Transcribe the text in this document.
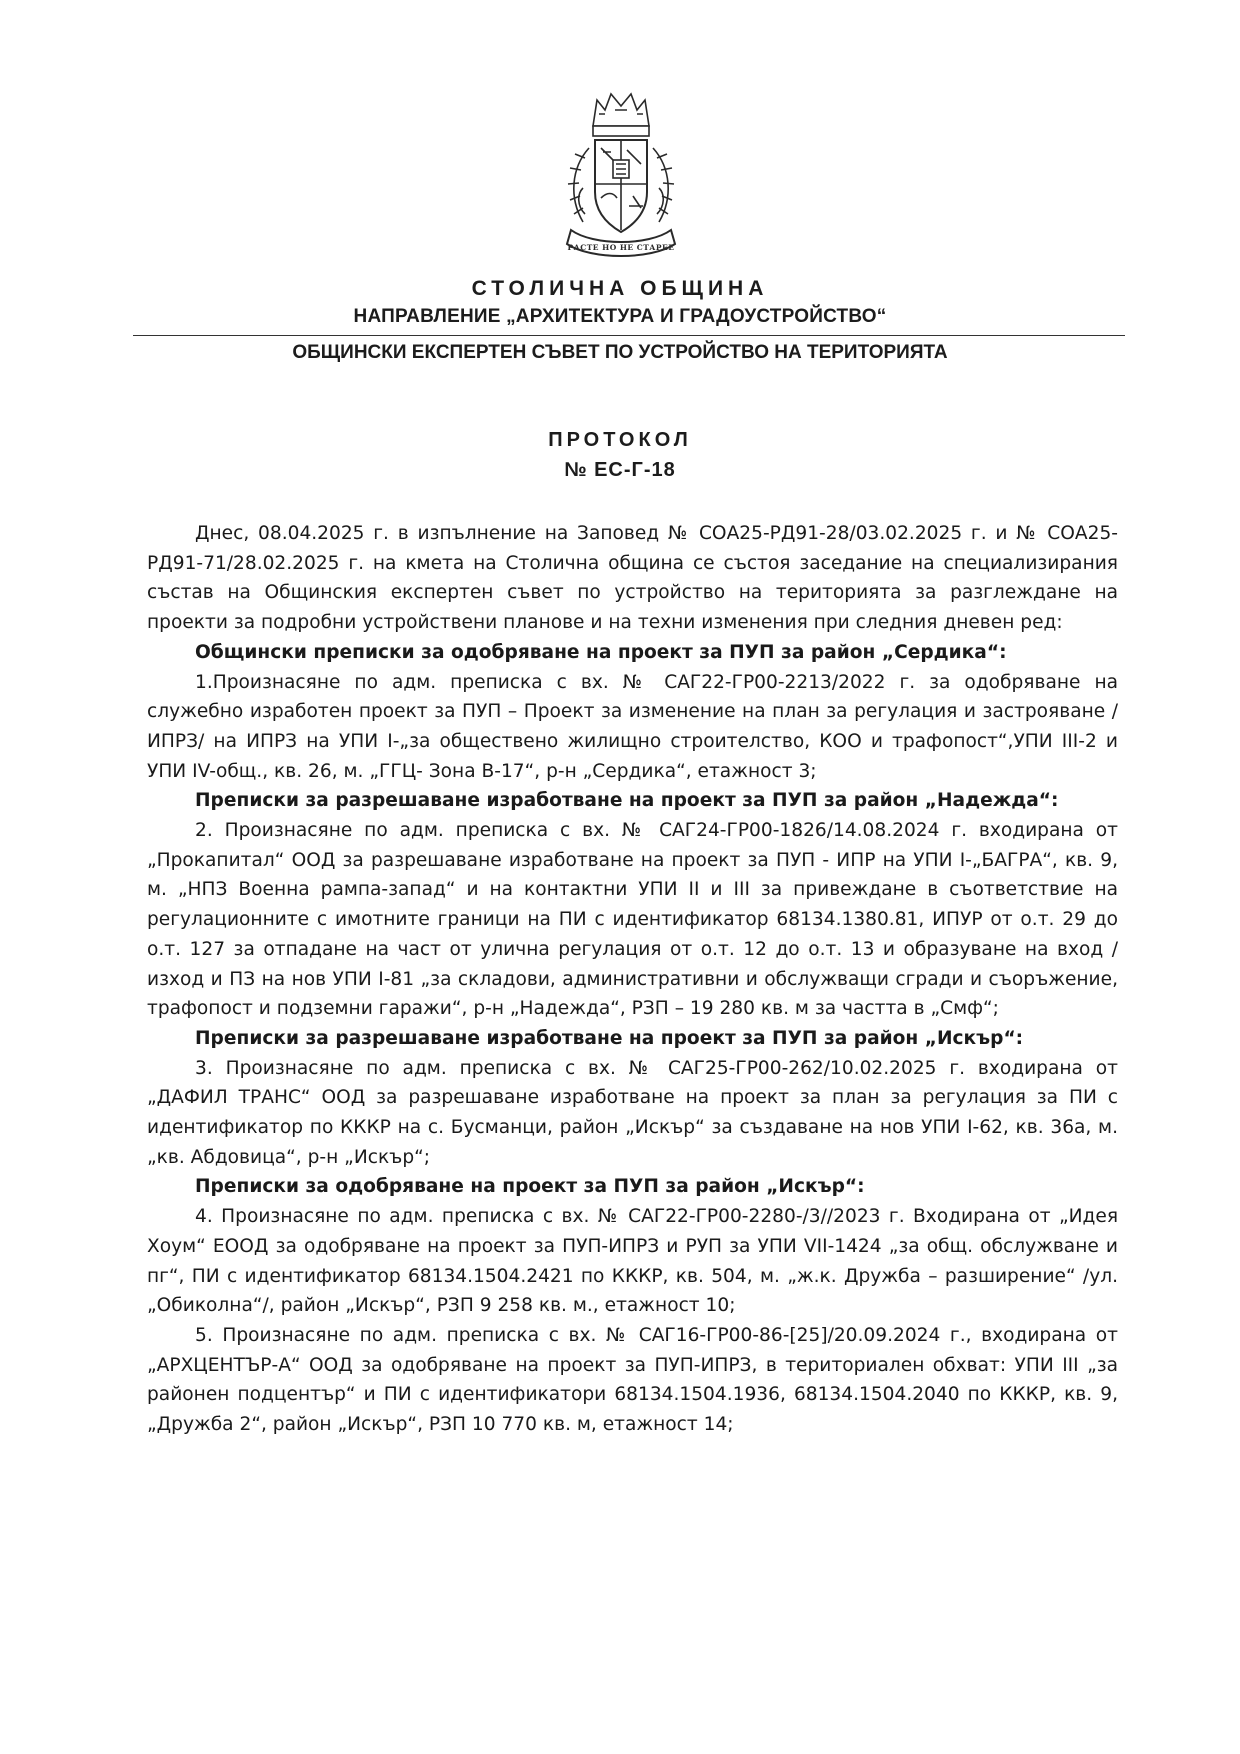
РАСТЕ НО НЕ СТАРЕЕ
СТОЛИЧНА ОБЩИНА
НАПРАВЛЕНИЕ „АРХИТЕКТУРА И ГРАДОУСТРОЙСТВО“
ОБЩИНСКИ ЕКСПЕРТЕН СЪВЕТ ПО УСТРОЙСТВО НА ТЕРИТОРИЯТА
ПРОТОКОЛ
№ ЕС-Г-18

Днес, 08.04.2025 г. в изпълнение на Заповед № СОА25-РД91-28/03.02.2025 г. и № СОА25-РД91-71/28.02.2025 г. на кмета на Столична община се състоя заседание на специализирания състав на Общинския експертен съвет по устройство на територията за разглеждане на проекти за подробни устройствени планове и на техни изменения при следния дневен ред:

Общински преписки за одобряване на проект за ПУП за район „Сердика“:

1.Произнасяне по адм. преписка с вх. № САГ22-ГР00-2213/2022 г. за одобряване на служебно изработен проект за ПУП – Проект за изменение на план за регулация и застрояване /ИПРЗ/ на ИПРЗ на УПИ I-„за обществено жилищно строителство, КОО и трафопост“,УПИ III-2 и УПИ IV-общ., кв. 26, м. „ГГЦ- Зона В-17“, р-н „Сердика“, етажност 3;

Преписки за разрешаване изработване на проект за ПУП за район „Надежда“:

2. Произнасяне по адм. преписка с вх. № САГ24-ГР00-1826/14.08.2024 г. входирана от „Прокапитал“ ООД за разрешаване изработване на проект за ПУП - ИПР на УПИ I-„БАГРА“, кв. 9, м. „НПЗ Военна рампа-запад“ и на контактни УПИ II и III за привеждане в съответствие на регулационните с имотните граници на ПИ с идентификатор 68134.1380.81, ИПУР от о.т. 29 до о.т. 127 за отпадане на част от улична регулация от о.т. 12 до о.т. 13 и образуване на вход / изход и ПЗ на нов УПИ I-81 „за складови, административни и обслужващи сгради и съоръжение, трафопост и подземни гаражи“, р-н „Надежда“, РЗП – 19 280 кв. м за частта в „Смф“;

Преписки за разрешаване изработване на проект за ПУП за район „Искър“:

3. Произнасяне по адм. преписка с вх. № САГ25-ГР00-262/10.02.2025 г. входирана от „ДАФИЛ ТРАНС“ ООД за разрешаване изработване на проект за план за регулация за ПИ с идентификатор по КККР на с. Бусманци, район „Искър“ за създаване на нов УПИ I-62, кв. 36а, м. „кв. Абдовица“, р-н „Искър“;

Преписки за одобряване на проект за ПУП за район „Искър“:

4. Произнасяне по адм. преписка с вх. № САГ22-ГР00-2280-/3//2023 г. Входирана от „Идея Хоум“ ЕООД за одобряване на проект за ПУП-ИПРЗ и РУП за УПИ VII-1424 „за общ. обслужване и пг“, ПИ с идентификатор 68134.1504.2421 по КККР, кв. 504, м. „ж.к. Дружба – разширение“ /ул. „Обиколна“/, район „Искър“, РЗП 9 258 кв. м., етажност 10;

5. Произнасяне по адм. преписка с вх. № САГ16-ГР00-86-[25]/20.09.2024 г., входирана от „АРХЦЕНТЪР-А“ ООД за одобряване на проект за ПУП-ИПРЗ, в териториален обхват: УПИ III „за районен подцентър“ и ПИ с идентификатори 68134.1504.1936, 68134.1504.2040 по КККР, кв. 9, „Дружба 2“, район „Искър“, РЗП 10 770 кв. м, етажност 14;
